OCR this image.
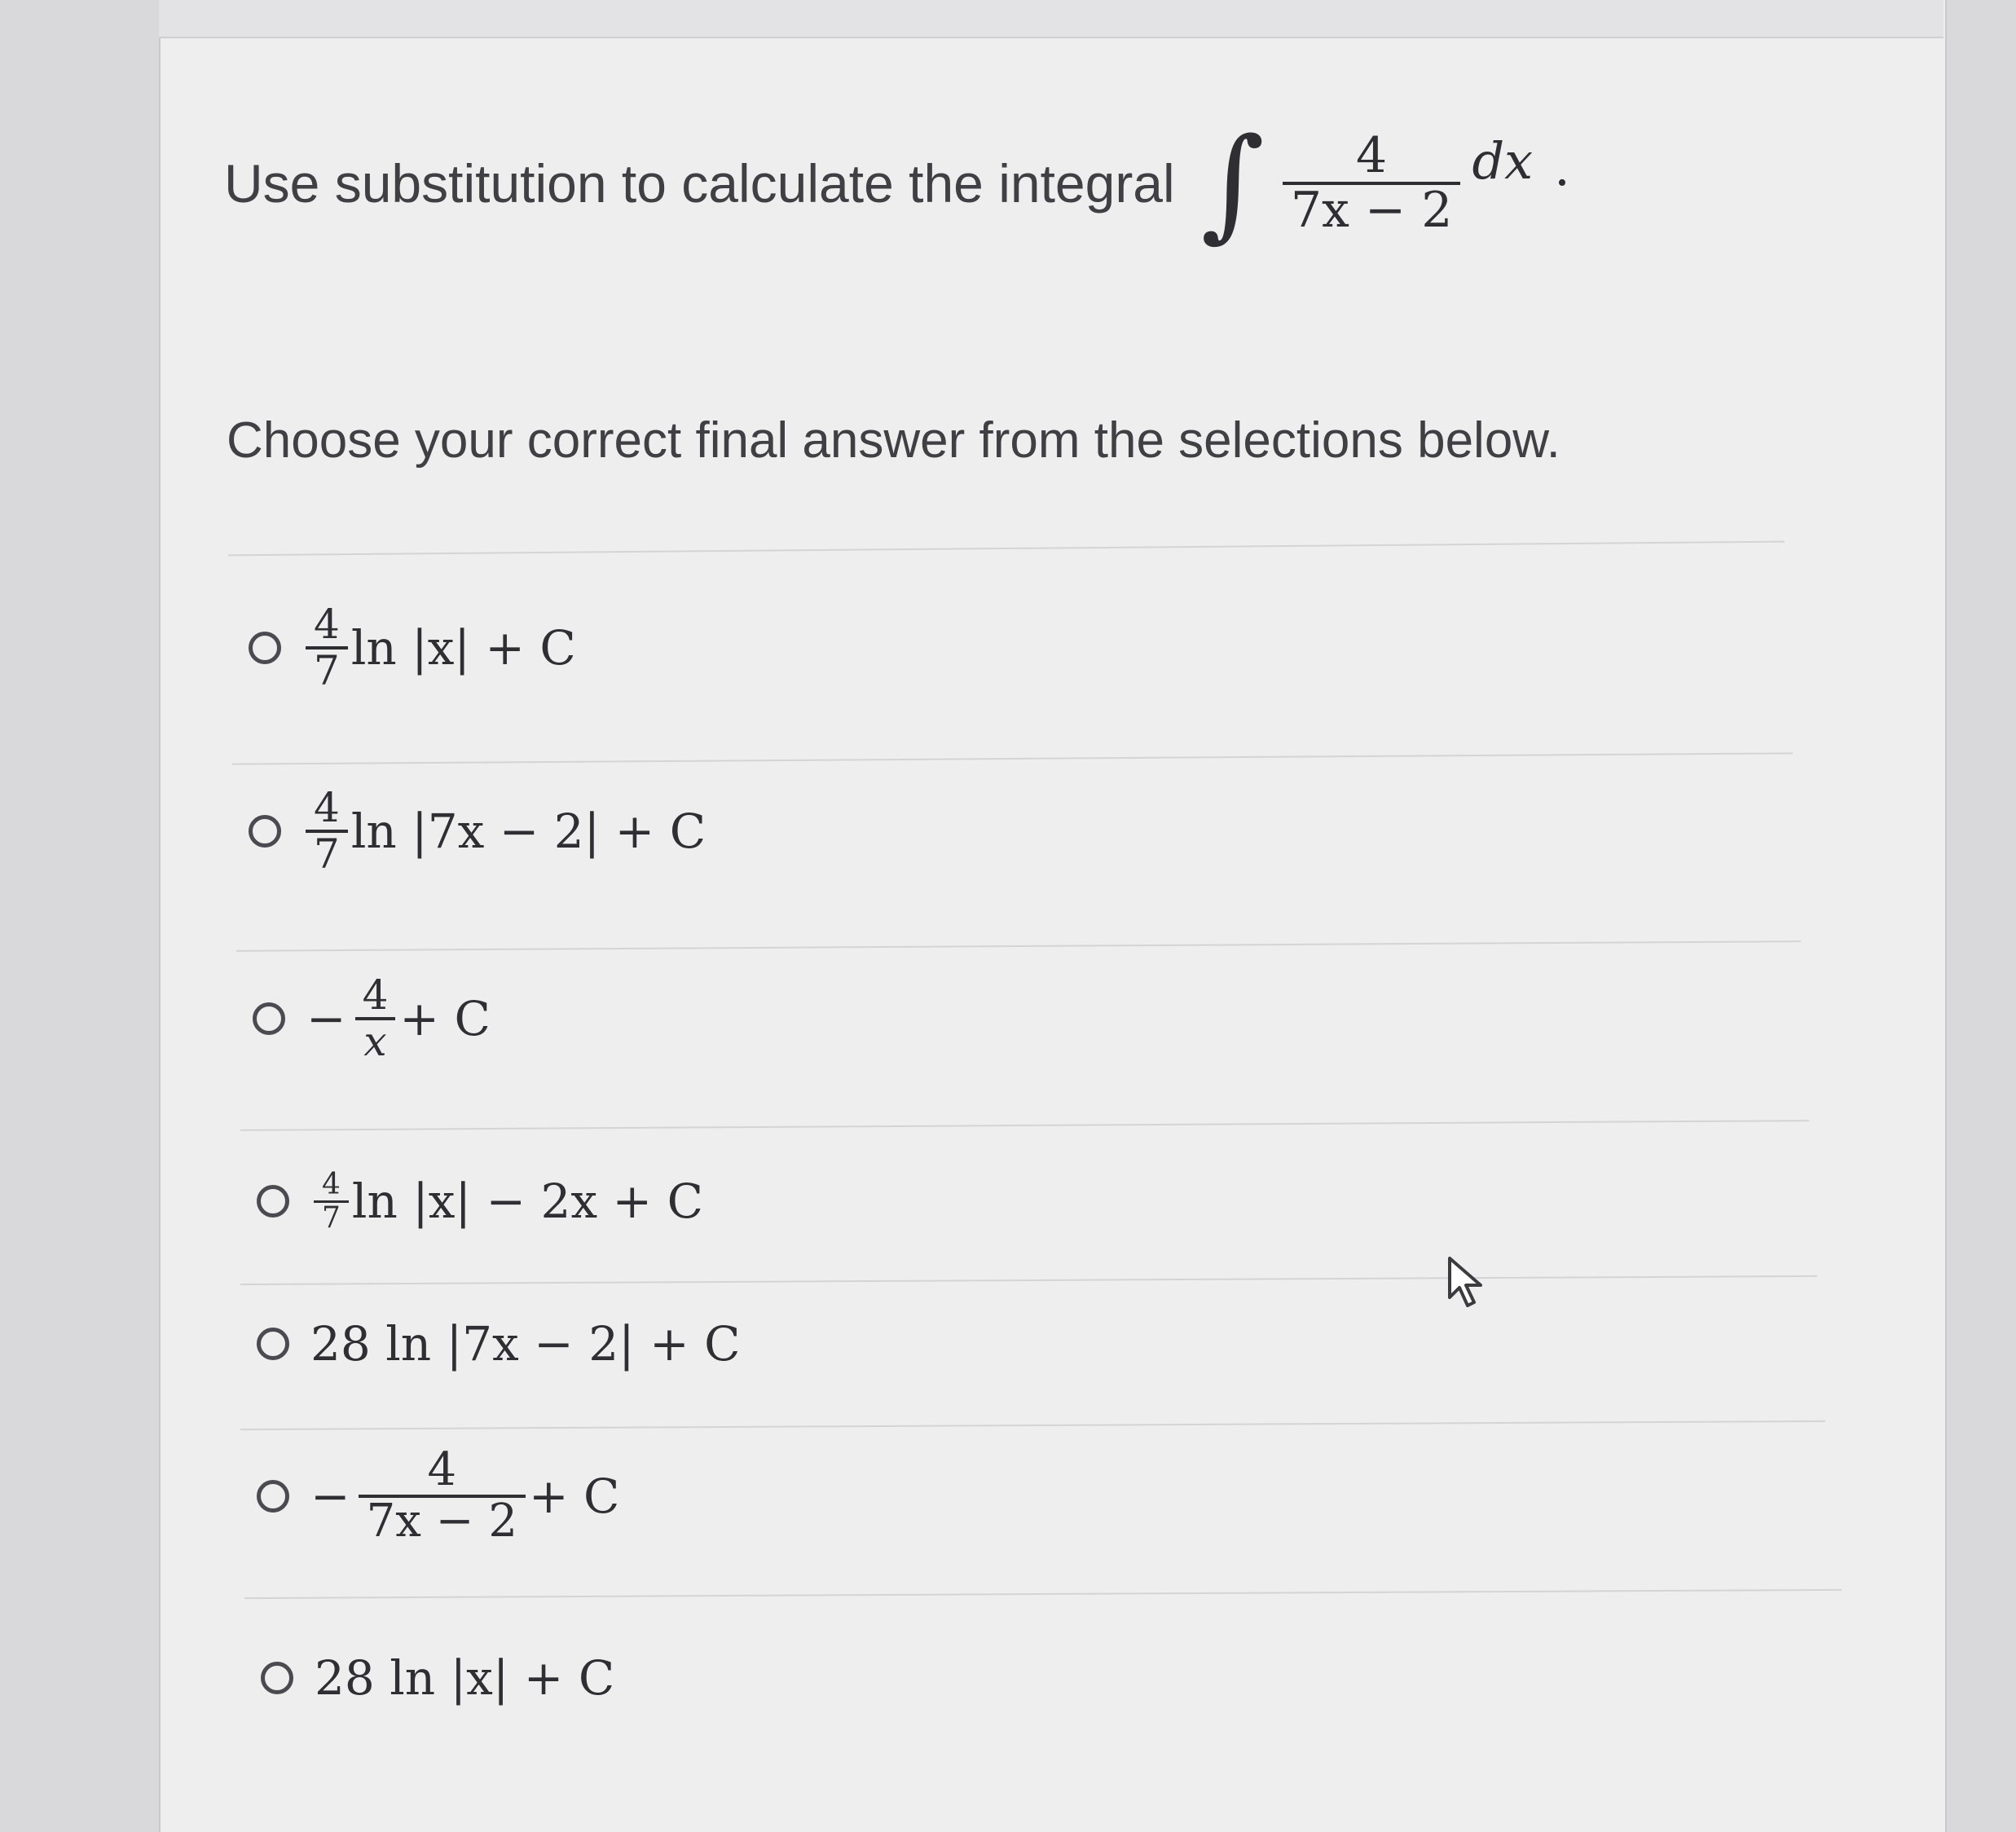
Use substitution to calculate the integral ∫ $\frac{4}{7x - 2}$ dx .
Choose your correct final answer from the selections below.
$\frac{4}{7}$ ln |x| + C
$\frac{4}{7}$ ln |7x − 2| + C
− $\frac{4}{x} + C$
$\frac{4}{7}$ ln |x| − 2x + C
28 ln |7x − 2| + C
− $\frac{4}{7x - 2} + C$
28 ln |x| + C
